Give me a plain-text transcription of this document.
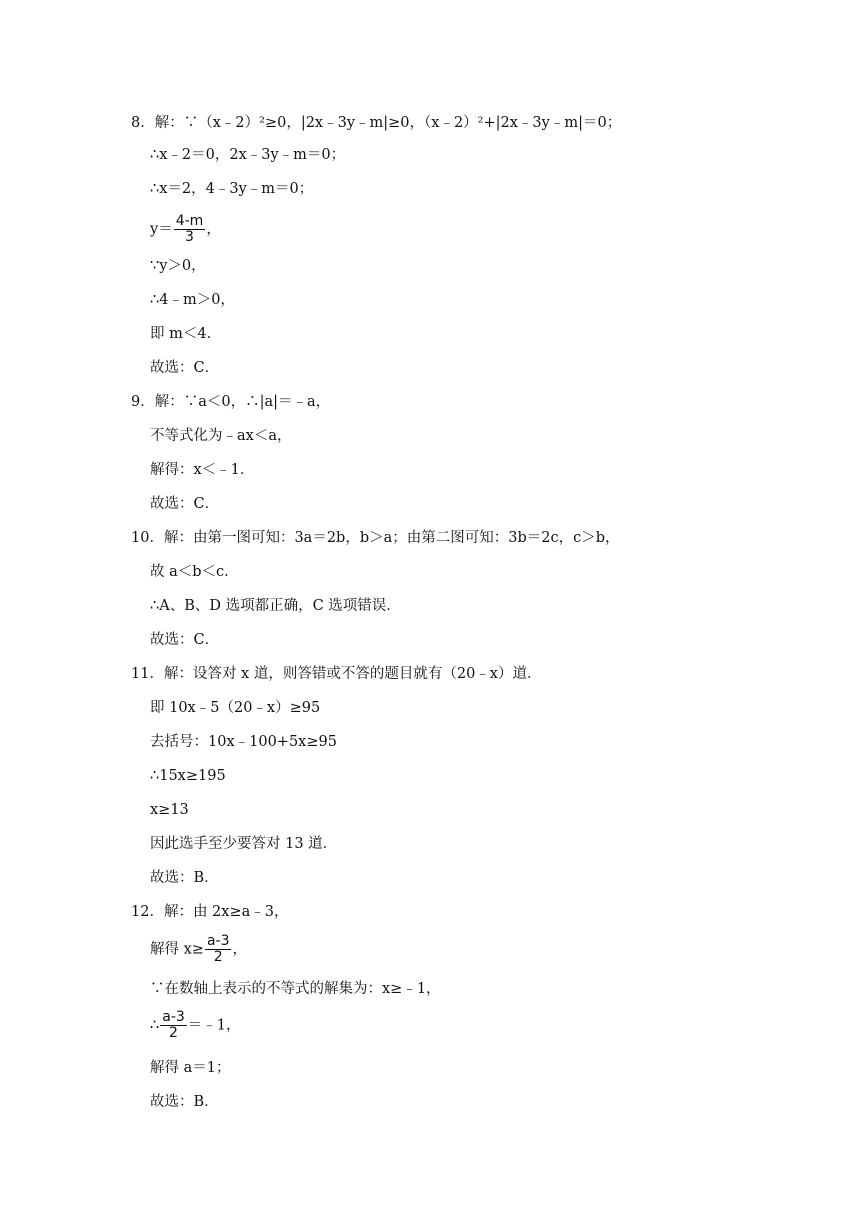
8．解：∵（x﹣2）²≥0，|2x﹣3y﹣m|≥0，（x﹣2）²+|2x﹣3y﹣m|＝0；
∴x﹣2＝0，2x﹣3y﹣m＝0；
∴x＝2，4﹣3y﹣m＝0；
$y= \frac{4-m}{3}$ ，
∵y＞0，
∴4﹣m＞0，
即 m＜4．
故选：C．
9．解：∵a＜0，∴|a|＝﹣a，
不等式化为﹣ax＜a，
解得：x＜﹣1．
故选：C．
10．解：由第一图可知：3a＝2b，b＞a；由第二图可知：3b＝2c，c＞b，
故 a＜b＜c．
∴A、B、D 选项都正确，C 选项错误．
故选：C．
11．解：设答对 x 道，则答错或不答的题目就有（20﹣x）道．
即 10x﹣5（20﹣x）≥95
去括号：10x﹣100+5x≥95
∴15x≥195
x≥13
因此选手至少要答对 13 道．
故选：B．
12．解：由 2x≥a﹣3，
解得 $x\ge \frac{a-3}{2}$ ，
∵在数轴上表示的不等式的解集为：x≥﹣1，
∴ $\frac{a-3}{2}$ ＝﹣1，
解得 a＝1；
故选：B．
